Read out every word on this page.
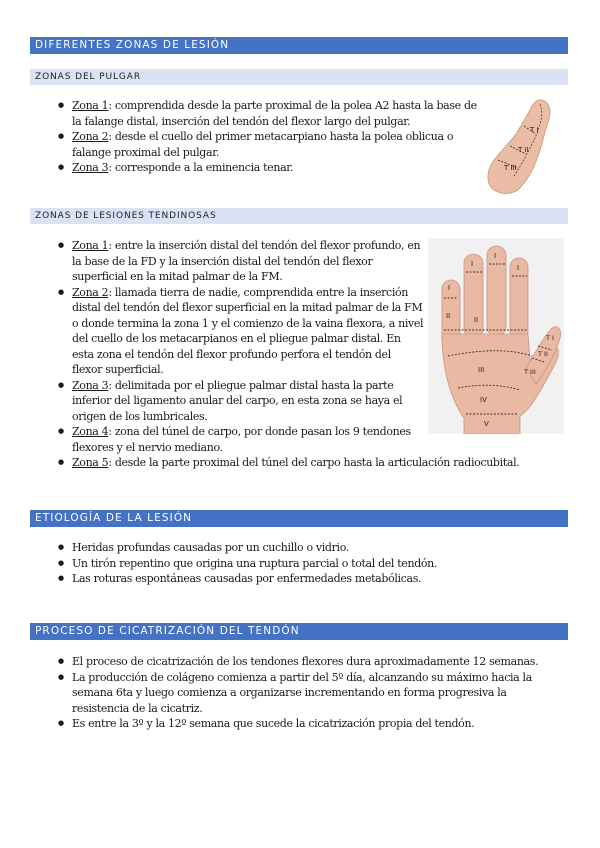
DIFERENTES ZONAS DE LESIÓN
ZONAS DEL PULGAR
● Zona 1: comprendida desde la parte proximal de la polea A2 hasta la base de la falange distal, inserción del tendón del flexor largo del pulgar.
● Zona 2: desde el cuello del primer metacarpiano hasta la polea oblicua o falange proximal del pulgar.
● Zona 3: corresponde a la eminencia tenar.
T I
T II
T III
ZONAS DE LESIONES TENDINOSAS
● Zona 1: entre la inserción distal del tendón del flexor profundo, en la base de la FD y la inserción distal del tendón del flexor superficial en la mitad palmar de la FM.
● Zona 2: llamada tierra de nadie, comprendida entre la inserción distal del tendón del flexor superficial en la mitad palmar de la FM o donde termina la zona 1 y el comienzo de la vaina flexora, a nivel del cuello de los metacarpianos en el pliegue palmar distal. En esta zona el tendón del flexor profundo perfora el tendón del flexor superficial.
● Zona 3: delimitada por el pliegue palmar distal hasta la parte inferior del ligamento anular del carpo, en esta zona se haya el origen de los lumbricales.
● Zona 4: zona del túnel de carpo, por donde pasan los 9 tendones flexores y el nervio mediano.
● Zona 5: desde la parte proximal del túnel del carpo hasta la articulación radiocubital.
I
I
I
I
II	II
III
IV
V
T I
T II
T III
ETIOLOGÍA DE LA LESIÓN
● Heridas profundas causadas por un cuchillo o vidrio.
● Un tirón repentino que origina una ruptura parcial o total del tendón.
● Las roturas espontáneas causadas por enfermedades metabólicas.
PROCESO DE CICATRIZACIÓN DEL TENDÓN
● El proceso de cicatrización de los tendones flexores dura aproximadamente 12 semanas.
● La producción de colágeno comienza a partir del 5º día, alcanzando su máximo hacia la semana 6ta y luego comienza a organizarse incrementando en forma progresiva la resistencia de la cicatriz.
● Es entre la 3º y la 12º semana que sucede la cicatrización propia del tendón.
